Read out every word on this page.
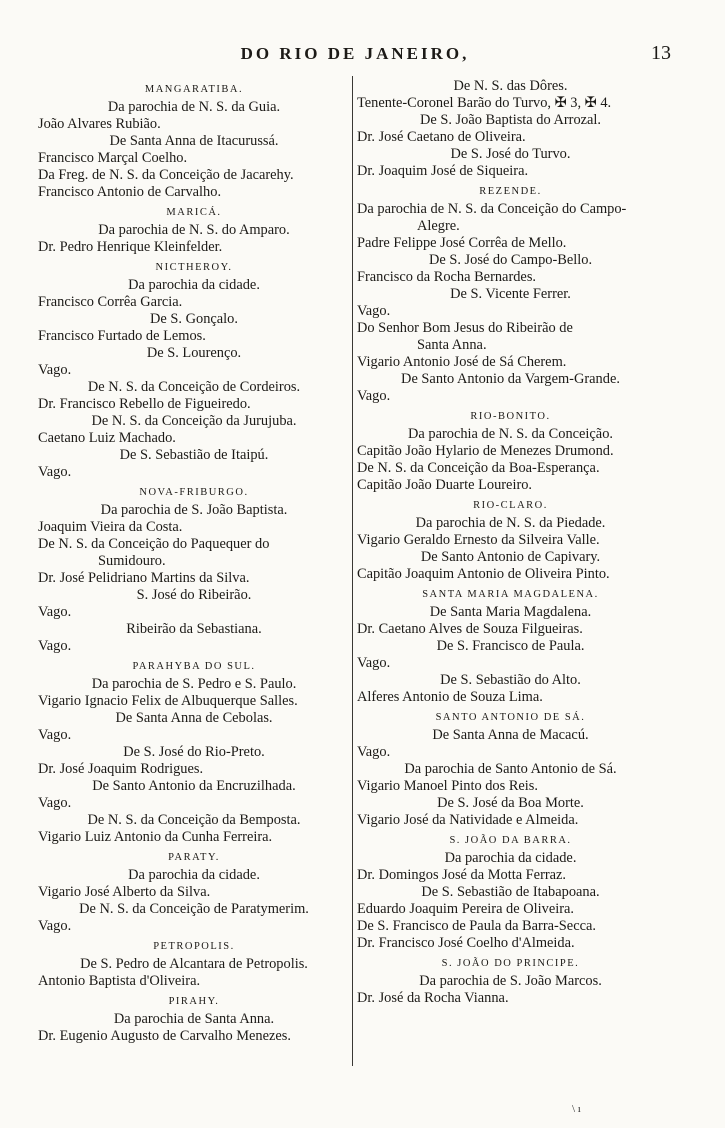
DO RIO DE JANEIRO,	13
MANGARATIBA.
Da parochia de N. S. da Guia.
João Alvares Rubião.
De Santa Anna de Itacurussá.
Francisco Marçal Coelho.
Da Freg. de N. S. da Conceição de Jacarehy.
Francisco Antonio de Carvalho.
MARICÁ.
Da parochia de N. S. do Amparo.
Dr. Pedro Henrique Kleinfelder.
NICTHEROY.
Da parochia da cidade.
Francisco Corrêa Garcia.
De S. Gonçalo.
Francisco Furtado de Lemos.
De S. Lourenço.
Vago.
De N. S. da Conceição de Cordeiros.
Dr. Francisco Rebello de Figueiredo.
De N. S. da Conceição da Jurujuba.
Caetano Luiz Machado.
De S. Sebastião de Itaipú.
Vago.
NOVA-FRIBURGO.
Da parochia de S. João Baptista.
Joaquim Vieira da Costa.
De N. S. da Conceição do Paquequer do
Sumidouro.
Dr. José Pelidriano Martins da Silva.
S. José do Ribeirão.
Vago.
Ribeirão da Sebastiana.
Vago.
PARAHYBA DO SUL.
Da parochia de S. Pedro e S. Paulo.
Vigario Ignacio Felix de Albuquerque Salles.
De Santa Anna de Cebolas.
Vago.
De S. José do Rio-Preto.
Dr. José Joaquim Rodrigues.
De Santo Antonio da Encruzilhada.
Vago.
De N. S. da Conceição da Bemposta.
Vigario Luiz Antonio da Cunha Ferreira.
PARATY.
Da parochia da cidade.
Vigario José Alberto da Silva.
De N. S. da Conceição de Paratymerim.
Vago.
PETROPOLIS.
De S. Pedro de Alcantara de Petropolis.
Antonio Baptista d'Oliveira.
PIRAHY.
Da parochia de Santa Anna.
Dr. Eugenio Augusto de Carvalho Menezes.
De N. S. das Dôres.
Tenente-Coronel Barão do Turvo, ✠ 3, ✠ 4.
De S. João Baptista do Arrozal.
Dr. José Caetano de Oliveira.
De S. José do Turvo.
Dr. Joaquim José de Siqueira.
REZENDE.
Da parochia de N. S. da Conceição do Campo-
Alegre.
Padre Felippe José Corrêa de Mello.
De S. José do Campo-Bello.
Francisco da Rocha Bernardes.
De S. Vicente Ferrer.
Vago.
Do Senhor Bom Jesus do Ribeirão de
Santa Anna.
Vigario Antonio José de Sá Cherem.
De Santo Antonio da Vargem-Grande.
Vago.
RIO-BONITO.
Da parochia de N. S. da Conceição.
Capitão João Hylario de Menezes Drumond.
De N. S. da Conceição da Boa-Esperança.
Capitão João Duarte Loureiro.
RIO-CLARO.
Da parochia de N. S. da Piedade.
Vigario Geraldo Ernesto da Silveira Valle.
De Santo Antonio de Capivary.
Capitão Joaquim Antonio de Oliveira Pinto.
SANTA MARIA MAGDALENA.
De Santa Maria Magdalena.
Dr. Caetano Alves de Souza Filgueiras.
De S. Francisco de Paula.
Vago.
De S. Sebastião do Alto.
Alferes Antonio de Souza Lima.
SANTO ANTONIO DE SÁ.
De Santa Anna de Macacú.
Vago.
Da parochia de Santo Antonio de Sá.
Vigario Manoel Pinto dos Reis.
De S. José da Boa Morte.
Vigario José da Natividade e Almeida.
S. JOÃO DA BARRA.
Da parochia da cidade.
Dr. Domingos José da Motta Ferraz.
De S. Sebastião de Itabapoana.
Eduardo Joaquim Pereira de Oliveira.
De S. Francisco de Paula da Barra-Secca.
Dr. Francisco José Coelho d'Almeida.
S. JOÃO DO PRINCIPE.
Da parochia de S. João Marcos.
Dr. José da Rocha Vianna.
\ ı
